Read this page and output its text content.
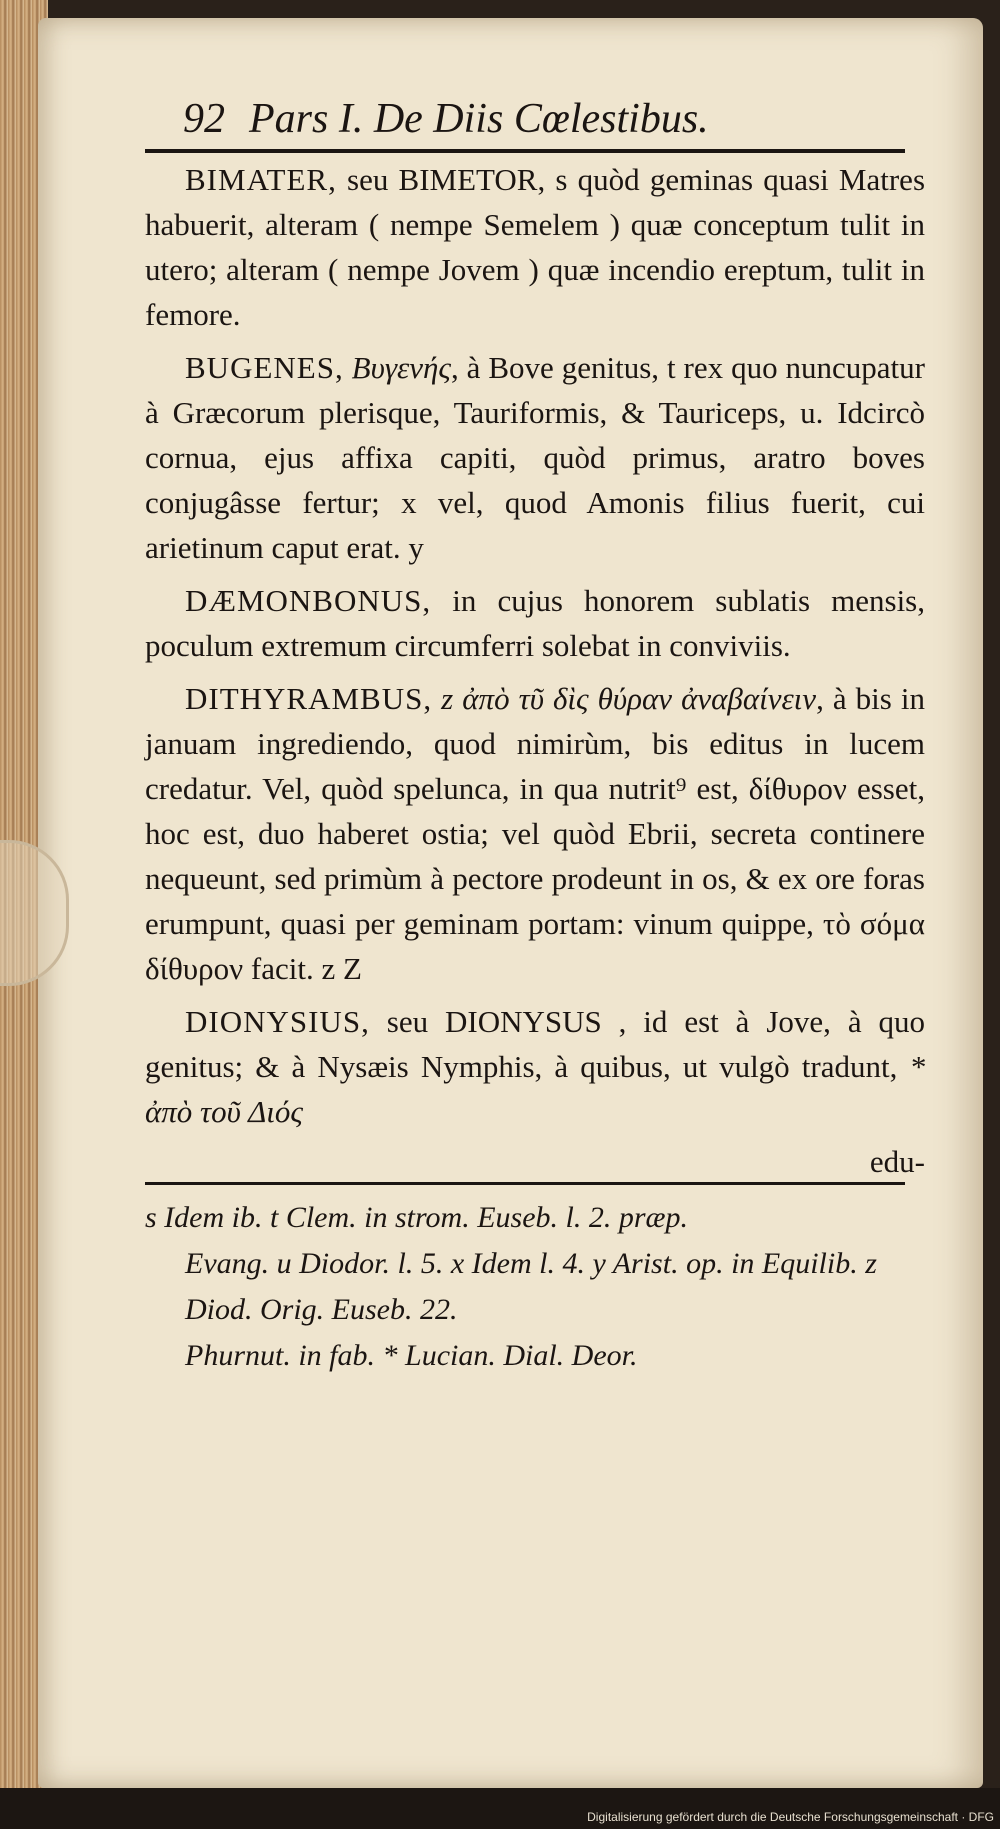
92 Pars I. De Diis Cœlestibus.

BIMATER, seu BIMETOR, s quòd geminas quasi Matres habuerit, alteram ( nempe Semelem ) quæ conceptum tulit in utero; alteram ( nempe Jovem ) quæ incendio ereptum, tulit in femore.

BUGENES, Βυγενής, à Bove genitus, t rex quo nuncupatur à Græcorum plerisque, Tauriformis, & Tauriceps, u. Idcircò cornua, ejus affixa capiti, quòd primus, aratro boves conjugâsse fertur; x vel, quod Amonis filius fuerit, cui arietinum caput erat. y

DÆMONBONUS, in cujus honorem sublatis mensis, poculum extremum circumferri solebat in conviviis.

DITHYRAMBUS, z ἀπὸ τῦ δὶς θύραν ἀναβαίνειν, à bis in januam ingrediendo, quod nimirùm, bis editus in lucem credatur. Vel, quòd spelunca, in qua nutrit⁹ est, δίθυρον esset, hoc est, duo haberet ostia; vel quòd Ebrii, secreta continere nequeunt, sed primùm à pectore prodeunt in os, & ex ore foras erumpunt, quasi per geminam portam: vinum quippe, τὸ σόμα δίθυρον facit. z Z

DIONYSIUS, seu DIONYSUS , id est à Jove, à quo genitus; & à Nysæis Nymphis, à quibus, ut vulgò tradunt, * ἀπὸ τοῦ Διός

edu-
s Idem ib. t Clem. in strom. Euseb. l. 2. præp.
Evang. u Diodor. l. 5. x Idem l. 4. y Arist. op. in Equilib. z Diod. Orig. Euseb. 22.
Phurnut. in fab. * Lucian. Dial. Deor.
Digitalisierung gefördert durch die Deutsche Forschungsgemeinschaft · DFG
